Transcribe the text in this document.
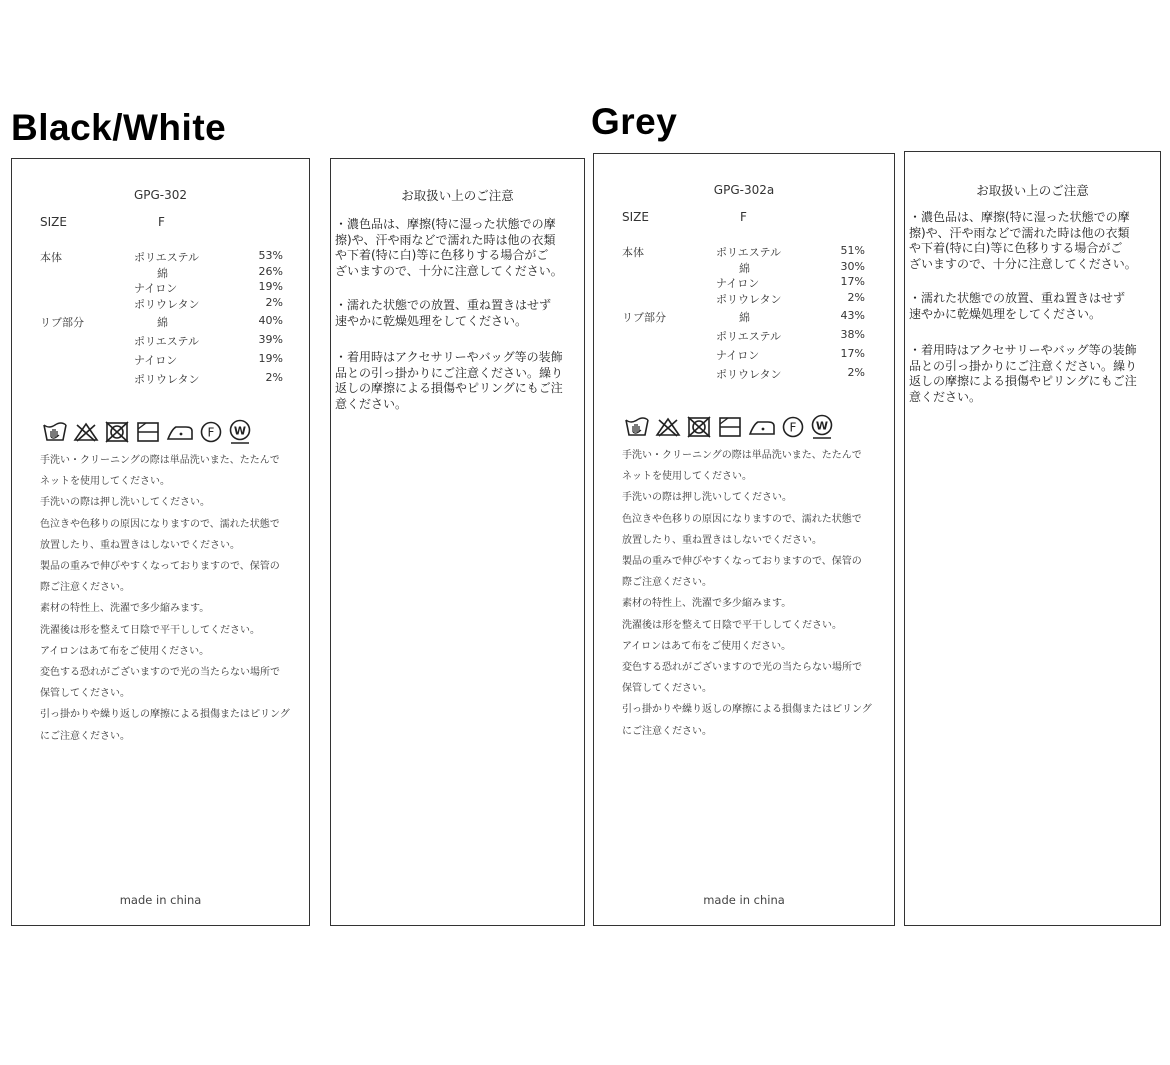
Black/White	Grey
GPG-302
SIZE	F
本体	ポリエステル	53%
綿	26%
ナイロン	19%
ポリウレタン	2%
リブ部分	綿	40%
ポリエステル	39%
ナイロン	19%
ポリウレタン	2%
F W
手洗い・クリーニングの際は単品洗いまた、たたんで
ネットを使用してください。
手洗いの際は押し洗いしてください。
色泣きや色移りの原因になりますので、濡れた状態で
放置したり、重ね置きはしないでください。
製品の重みで伸びやすくなっておりますので、保管の
際ご注意ください。
素材の特性上、洗濯で多少縮みます。
洗濯後は形を整えて日陰で平干ししてください。
アイロンはあて布をご使用ください。
変色する恐れがございますので光の当たらない場所で
保管してください。
引っ掛かりや繰り返しの摩擦による損傷またはピリング
にご注意ください。
made in china
お取扱い上のご注意
・濃色品は、摩擦(特に湿った状態での摩
擦)や、汗や雨などで濡れた時は他の衣類
や下着(特に白)等に色移りする場合がご
ざいますので、十分に注意してください。
・濡れた状態での放置、重ね置きはせず
速やかに乾燥処理をしてください。
・着用時はアクセサリーやバッグ等の装飾
品との引っ掛かりにご注意ください。繰り
返しの摩擦による損傷やピリングにもご注
意ください。
GPG-302a
SIZE	F
本体	ポリエステル	51%
綿	30%
ナイロン	17%
ポリウレタン	2%
リブ部分	綿	43%
ポリエステル	38%
ナイロン	17%
ポリウレタン	2%
F W
手洗い・クリーニングの際は単品洗いまた、たたんで
ネットを使用してください。
手洗いの際は押し洗いしてください。
色泣きや色移りの原因になりますので、濡れた状態で
放置したり、重ね置きはしないでください。
製品の重みで伸びやすくなっておりますので、保管の
際ご注意ください。
素材の特性上、洗濯で多少縮みます。
洗濯後は形を整えて日陰で平干ししてください。
アイロンはあて布をご使用ください。
変色する恐れがございますので光の当たらない場所で
保管してください。
引っ掛かりや繰り返しの摩擦による損傷またはピリング
にご注意ください。
made in china
お取扱い上のご注意
・濃色品は、摩擦(特に湿った状態での摩
擦)や、汗や雨などで濡れた時は他の衣類
や下着(特に白)等に色移りする場合がご
ざいますので、十分に注意してください。
・濡れた状態での放置、重ね置きはせず
速やかに乾燥処理をしてください。
・着用時はアクセサリーやバッグ等の装飾
品との引っ掛かりにご注意ください。繰り
返しの摩擦による損傷やピリングにもご注
意ください。
